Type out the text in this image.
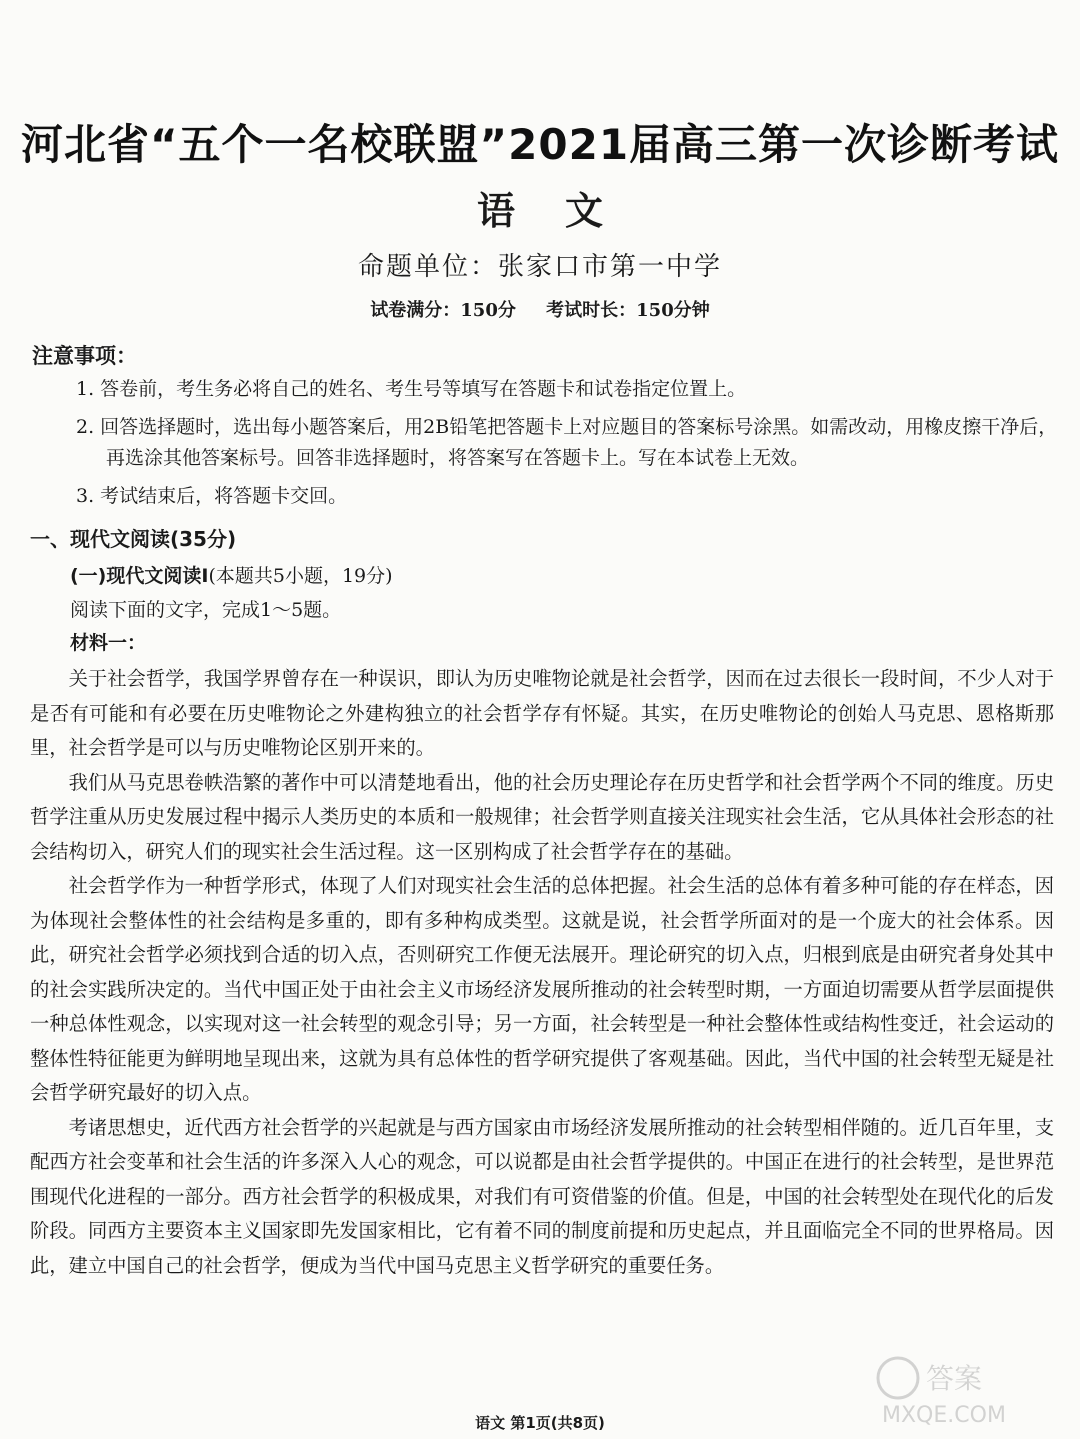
河北省“五个一名校联盟”2021届高三第一次诊断考试
语文
命题单位：张家口市第一中学
试卷满分：150分 考试时长：150分钟
注意事项：

1. 答卷前，考生务必将自己的姓名、考生号等填写在答题卡和试卷指定位置上。

2. 回答选择题时，选出每小题答案后，用2B铅笔把答题卡上对应题目的答案标号涂黑。如需改动，用橡皮擦干净后，再选涂其他答案标号。回答非选择题时，将答案写在答题卡上。写在本试卷上无效。

3. 考试结束后，将答题卡交回。

一、现代文阅读(35分)
(一)现代文阅读Ⅰ(本题共5小题，19分)
阅读下面的文字，完成1～5题。
材料一：

关于社会哲学，我国学界曾存在一种误识，即认为历史唯物论就是社会哲学，因而在过去很长一段时间，不少人对于是否有可能和有必要在历史唯物论之外建构独立的社会哲学存有怀疑。其实，在历史唯物论的创始人马克思、恩格斯那里，社会哲学是可以与历史唯物论区别开来的。

我们从马克思卷帙浩繁的著作中可以清楚地看出，他的社会历史理论存在历史哲学和社会哲学两个不同的维度。历史哲学注重从历史发展过程中揭示人类历史的本质和一般规律；社会哲学则直接关注现实社会生活，它从具体社会形态的社会结构切入，研究人们的现实社会生活过程。这一区别构成了社会哲学存在的基础。

社会哲学作为一种哲学形式，体现了人们对现实社会生活的总体把握。社会生活的总体有着多种可能的存在样态，因为体现社会整体性的社会结构是多重的，即有多种构成类型。这就是说，社会哲学所面对的是一个庞大的社会体系。因此，研究社会哲学必须找到合适的切入点，否则研究工作便无法展开。理论研究的切入点，归根到底是由研究者身处其中的社会实践所决定的。当代中国正处于由社会主义市场经济发展所推动的社会转型时期，一方面迫切需要从哲学层面提供一种总体性观念，以实现对这一社会转型的观念引导；另一方面，社会转型是一种社会整体性或结构性变迁，社会运动的整体性特征能更为鲜明地呈现出来，这就为具有总体性的哲学研究提供了客观基础。因此，当代中国的社会转型无疑是社会哲学研究最好的切入点。

考诸思想史，近代西方社会哲学的兴起就是与西方国家由市场经济发展所推动的社会转型相伴随的。近几百年里，支配西方社会变革和社会生活的许多深入人心的观念，可以说都是由社会哲学提供的。中国正在进行的社会转型，是世界范围现代化进程的一部分。西方社会哲学的积极成果，对我们有可资借鉴的价值。但是，中国的社会转型处在现代化的后发阶段。同西方主要资本主义国家即先发国家相比，它有着不同的制度前提和历史起点，并且面临完全不同的世界格局。因此，建立中国自己的社会哲学，便成为当代中国马克思主义哲学研究的重要任务。

语文 第1页(共8页)
答案
MXQE.COM
